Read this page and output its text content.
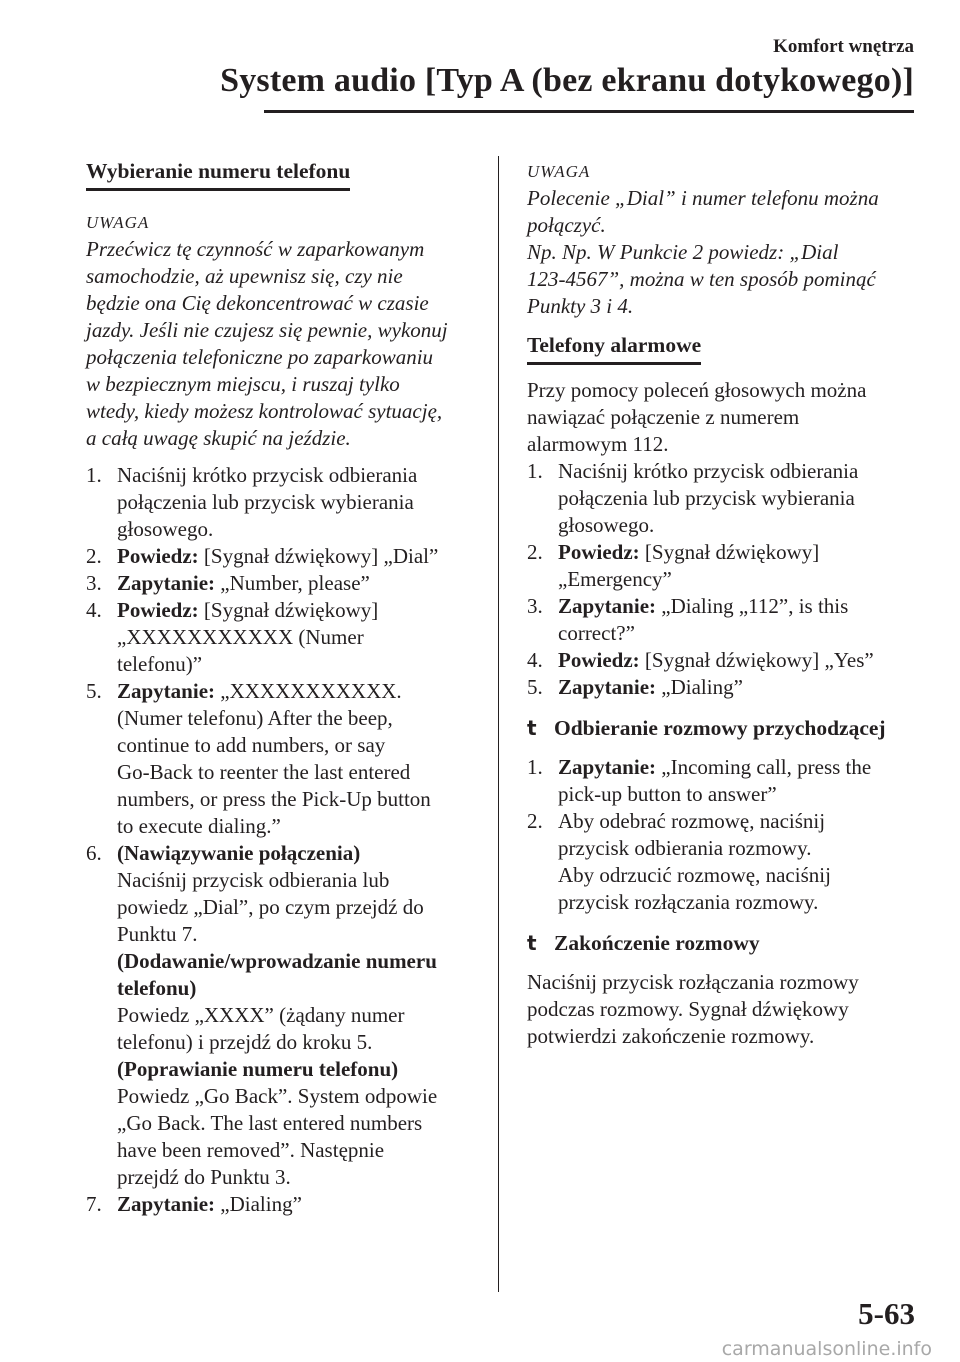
Komfort wnętrza
System audio [Typ A (bez ekranu dotykowego)]
Wybieranie numeru telefonu
UWAGA
Przećwicz tę czynność w zaparkowanym
samochodzie, aż upewnisz się, czy nie
będzie ona Cię dekoncentrować w czasie
jazdy. Jeśli nie czujesz się pewnie, wykonuj
połączenia telefoniczne po zaparkowaniu
w bezpiecznym miejscu, i ruszaj tylko
wtedy, kiedy możesz kontrolować sytuację,
a całą uwagę skupić na jeździe.
1. Naciśnij krótko przycisk odbierania
połączenia lub przycisk wybierania
głosowego.
2. Powiedz: [Sygnał dźwiękowy] „Dial”
3. Zapytanie: „Number, please”
4. Powiedz: [Sygnał dźwiękowy]
„XXXXXXXXXXX (Numer
telefonu)”
5. Zapytanie: „XXXXXXXXXXX.
(Numer telefonu) After the beep,
continue to add numbers, or say
Go-Back to reenter the last entered
numbers, or press the Pick-Up button
to execute dialing.”
6. (Nawiązywanie połączenia)
Naciśnij przycisk odbierania lub
powiedz „Dial”, po czym przejdź do
Punktu 7.
(Dodawanie/wprowadzanie numeru
telefonu)
Powiedz „XXXX” (żądany numer
telefonu) i przejdź do kroku 5.
(Poprawianie numeru telefonu)
Powiedz „Go Back”. System odpowie
„Go Back. The last entered numbers
have been removed”. Następnie
przejdź do Punktu 3.
7. Zapytanie: „Dialing”
UWAGA
Polecenie „Dial” i numer telefonu można
połączyć.
Np. Np. W Punkcie 2 powiedz: „Dial
123-4567”, można w ten sposób pominąć
Punkty 3 i 4.
Telefony alarmowe
Przy pomocy poleceń głosowych można
nawiązać połączenie z numerem
alarmowym 112.
1. Naciśnij krótko przycisk odbierania
połączenia lub przycisk wybierania
głosowego.
2. Powiedz: [Sygnał dźwiękowy]
„Emergency”
3. Zapytanie: „Dialing „112”, is this
correct?”
4. Powiedz: [Sygnał dźwiękowy] „Yes”
5. Zapytanie: „Dialing”
t Odbieranie rozmowy przychodzącej
1. Zapytanie: „Incoming call, press the
pick-up button to answer”
2. Aby odebrać rozmowę, naciśnij
przycisk odbierania rozmowy.
Aby odrzucić rozmowę, naciśnij
przycisk rozłączania rozmowy.
t Zakończenie rozmowy
Naciśnij przycisk rozłączania rozmowy
podczas rozmowy. Sygnał dźwiękowy
potwierdzi zakończenie rozmowy.
5-63
carmanualsonline.info
